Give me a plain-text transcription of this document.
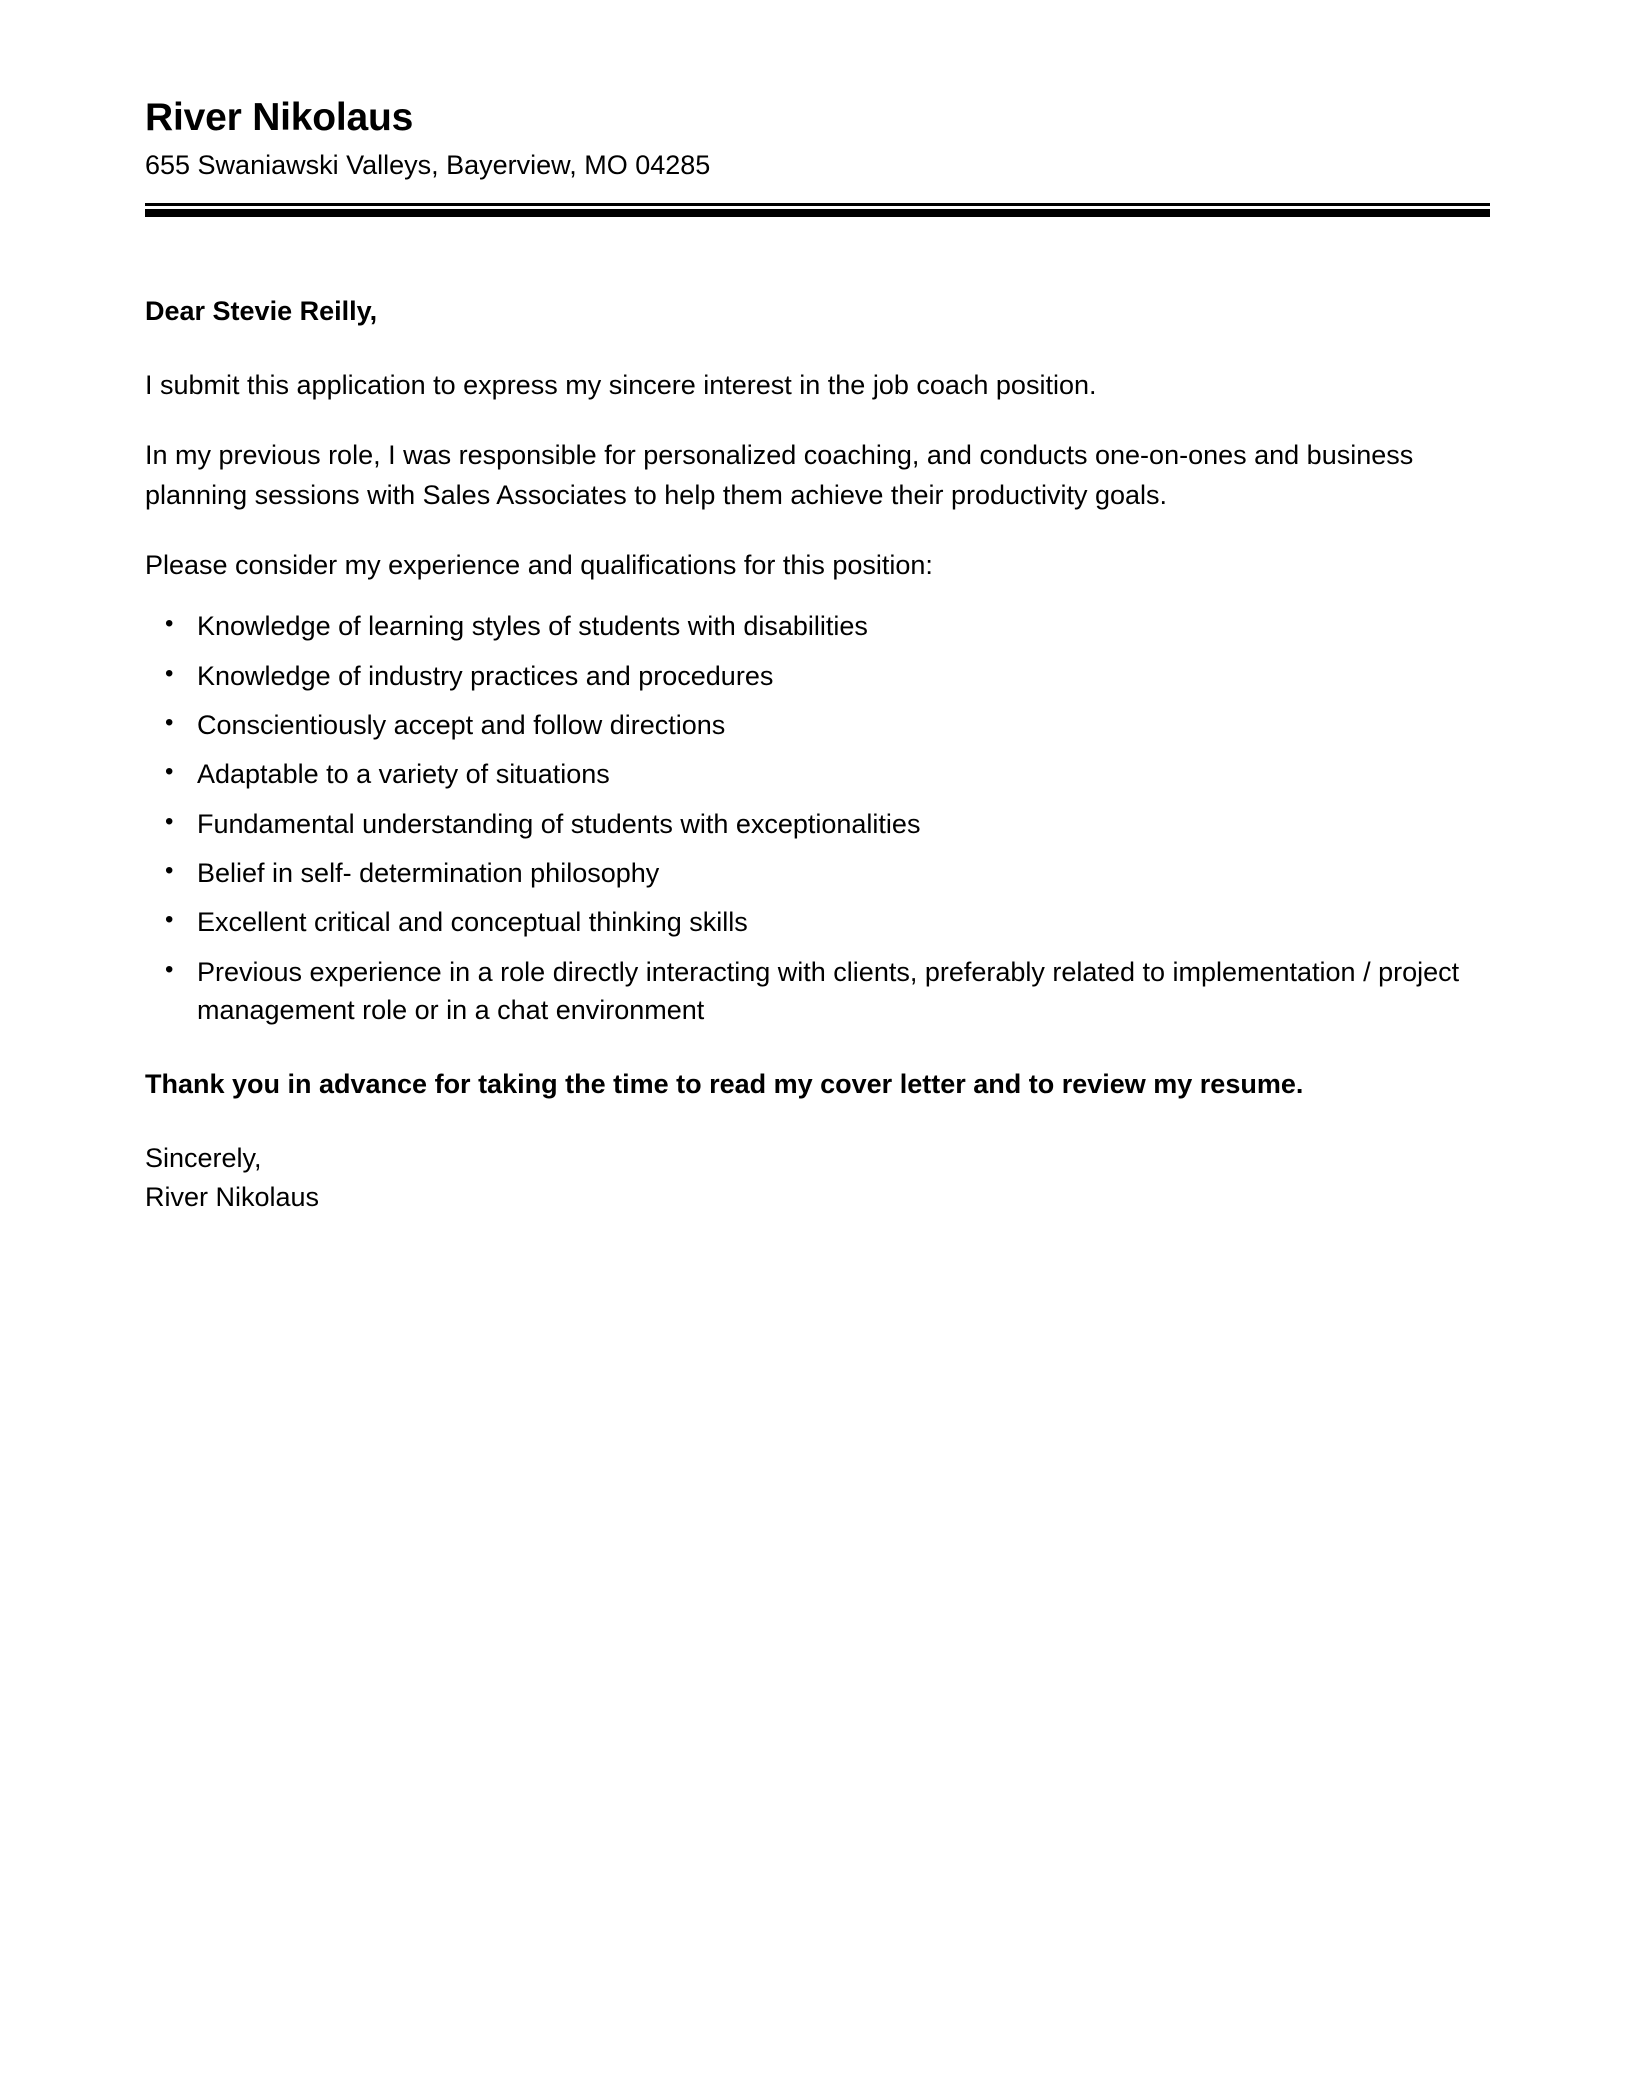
River Nikolaus
655 Swaniawski Valleys, Bayerview, MO 04285

Dear Stevie Reilly,

I submit this application to express my sincere interest in the job coach position.

In my previous role, I was responsible for personalized coaching, and conducts one-on-ones and business planning sessions with Sales Associates to help them achieve their productivity goals.

Please consider my experience and qualifications for this position:

• Knowledge of learning styles of students with disabilities
• Knowledge of industry practices and procedures
• Conscientiously accept and follow directions
• Adaptable to a variety of situations
• Fundamental understanding of students with exceptionalities
• Belief in self- determination philosophy
• Excellent critical and conceptual thinking skills
• Previous experience in a role directly interacting with clients, preferably related to implementation / project management role or in a chat environment

Thank you in advance for taking the time to read my cover letter and to review my resume.

Sincerely,
River Nikolaus
